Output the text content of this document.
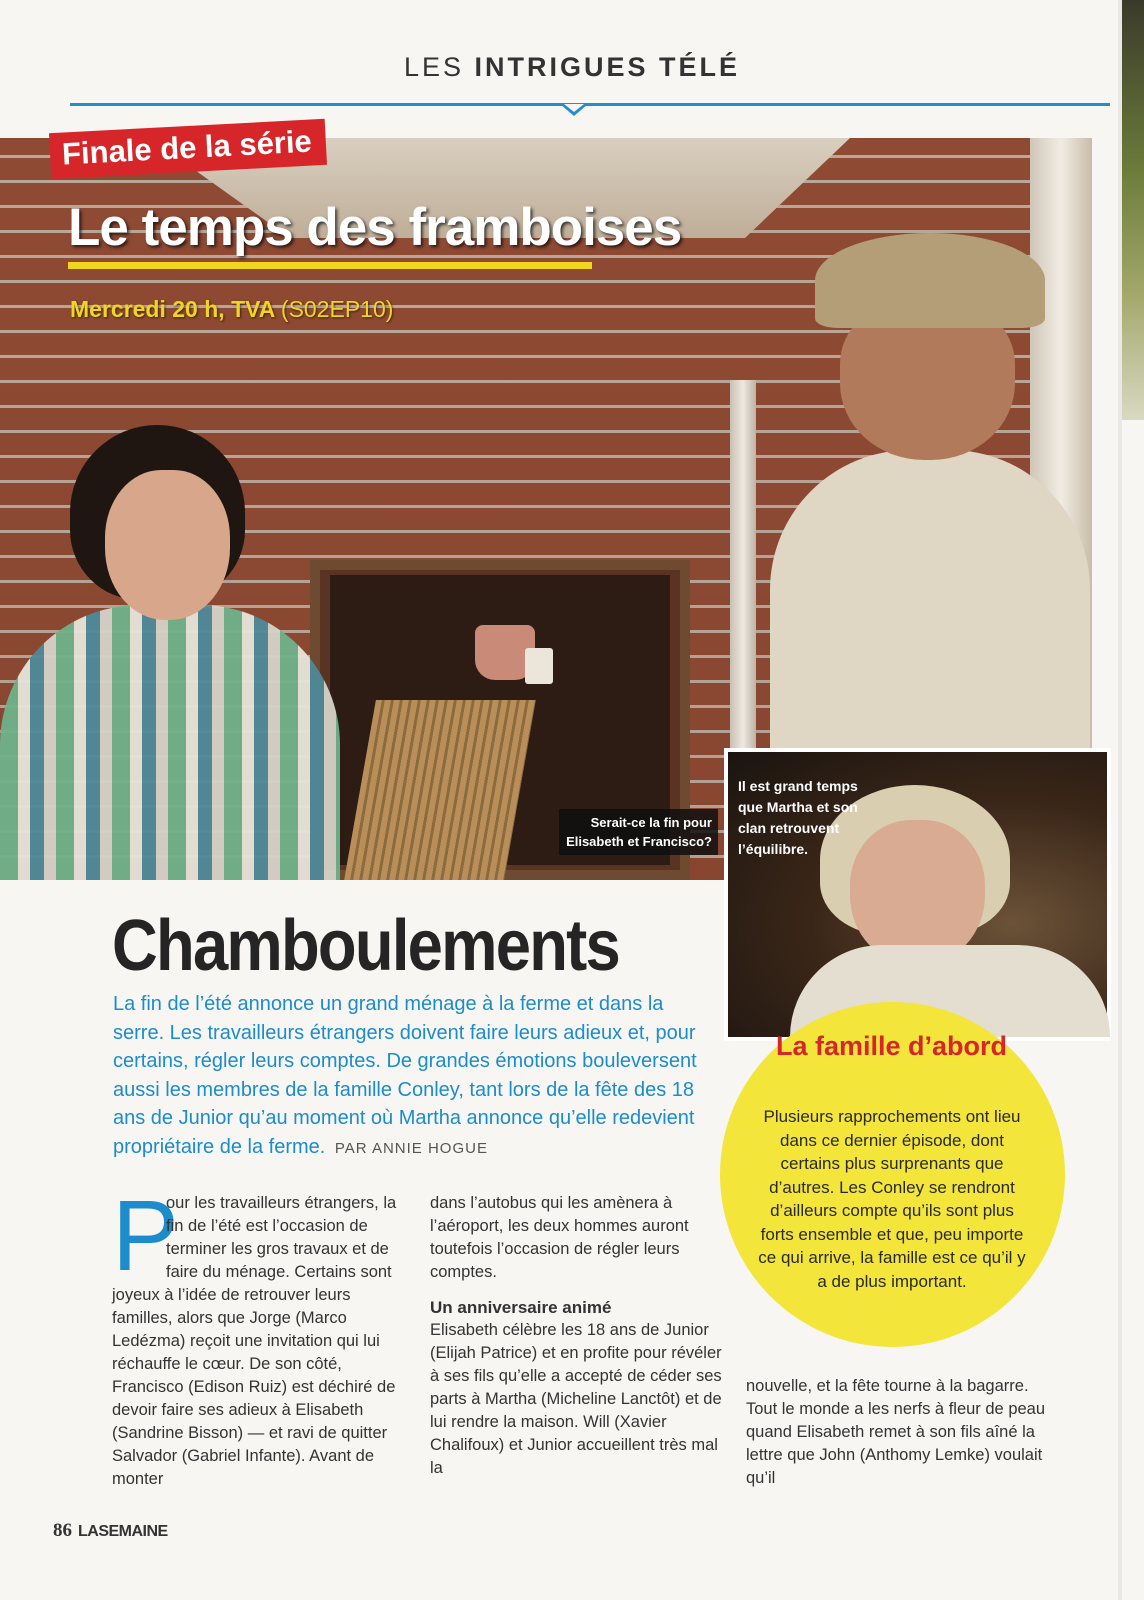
LES INTRIGUES TÉLÉ
Finale de la série
Le temps des framboises
Mercredi 20 h, TVA (S02EP10)
Serait-ce la fin pour Elisabeth et Francisco?
Il est grand temps que Martha et son clan retrouvent l’équilibre.
Chamboulements
La fin de l’été annonce un grand ménage à la ferme et dans la serre. Les travailleurs étrangers doivent faire leurs adieux et, pour certains, régler leurs comptes. De grandes émotions bouleversent aussi les membres de la famille Conley, tant lors de la fête des 18 ans de Junior qu’au moment où Martha annonce qu’elle redevient propriétaire de la ferme. PAR ANNIE HOGUE
La famille d’abord
Plusieurs rapprochements ont lieu dans ce dernier épisode, dont certains plus surprenants que d’autres. Les Conley se rendront d’ailleurs compte qu’ils sont plus forts ensemble et que, peu importe ce qui arrive, la famille est ce qu’il y a de plus important.
P
our les travailleurs étrangers, la fin de l’été est l’occasion de terminer les gros travaux et de faire du ménage. Certains sont joyeux à l’idée de retrouver leurs familles, alors que Jorge (Marco Ledézma) reçoit une invitation qui lui réchauffe le cœur. De son côté, Francisco (Edison Ruiz) est déchiré de devoir faire ses adieux à Elisabeth (Sandrine Bisson) — et ravi de quitter Salvador (Gabriel Infante). Avant de monter
dans l’autobus qui les amènera à l’aéroport, les deux hommes auront toutefois l’occasion de régler leurs comptes.
Un anniversaire animé
Elisabeth célèbre les 18 ans de Junior (Elijah Patrice) et en profite pour révéler à ses fils qu’elle a accepté de céder ses parts à Martha (Micheline Lanctôt) et de lui rendre la maison. Will (Xavier Chalifoux) et Junior accueillent très mal la
nouvelle, et la fête tourne à la bagarre. Tout le monde a les nerfs à fleur de peau quand Elisabeth remet à son fils aîné la lettre que John (Anthomy Lemke) voulait qu’il
86 LASEMAINE
